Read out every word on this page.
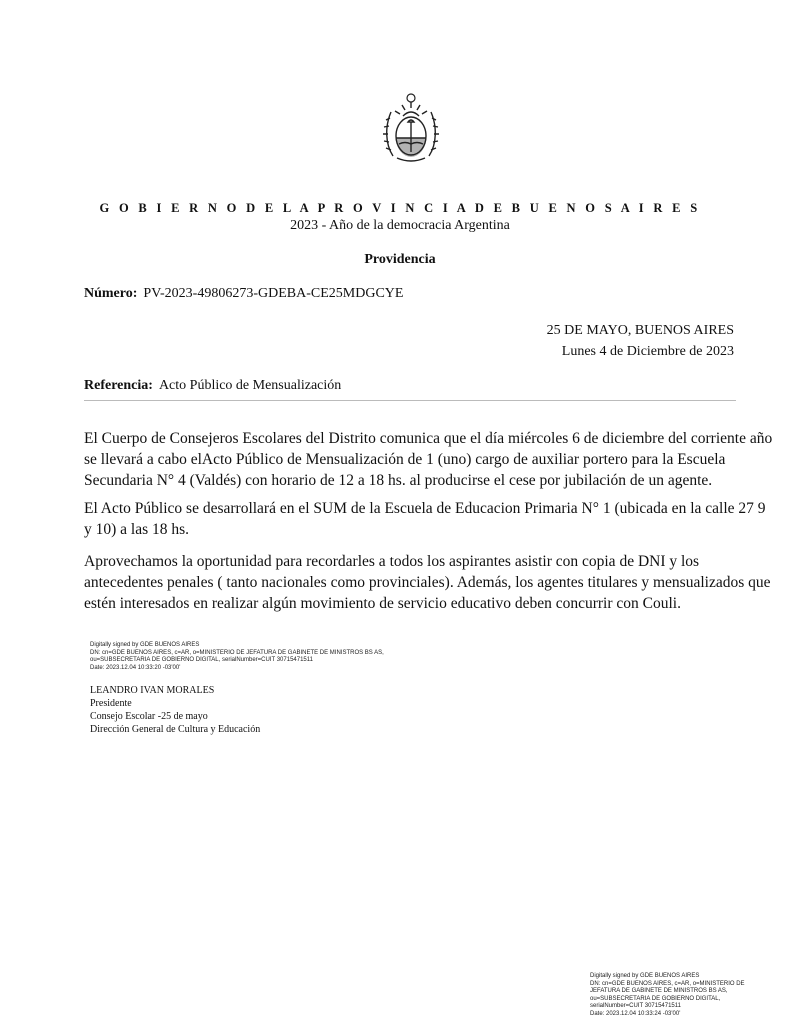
G O B I E R N O D E L A P R O V I N C I A D E B U E N O S A I R E S
2023 - Año de la democracia Argentina
Providencia
Número: PV-2023-49806273-GDEBA-CE25MDGCYE
25 DE MAYO, BUENOS AIRES
Lunes 4 de Diciembre de 2023
Referencia: Acto Público de Mensualización

El Cuerpo de Consejeros Escolares del Distrito comunica que el día miércoles 6 de diciembre del corriente año se llevará a cabo elActo Público de Mensualización de 1 (uno) cargo de auxiliar portero para la Escuela Secundaria N° 4 (Valdés) con horario de 12 a 18 hs. al producirse el cese por jubilación de un agente.

El Acto Público se desarrollará en el SUM de la Escuela de Educacion Primaria N° 1 (ubicada en la calle 27 9 y 10) a las 18 hs.

Aprovechamos la oportunidad para recordarles a todos los aspirantes asistir con copia de DNI y los antecedentes penales ( tanto nacionales como provinciales). Además, los agentes titulares y mensualizados que estén interesados en realizar algún movimiento de servicio educativo deben concurrir con Couli.

Digitally signed by GDE BUENOS AIRES
DN: cn=GDE BUENOS AIRES, c=AR, o=MINISTERIO DE JEFATURA DE GABINETE DE MINISTROS BS AS,
ou=SUBSECRETARIA DE GOBIERNO DIGITAL, serialNumber=CUIT 30715471511
Date: 2023.12.04 10:33:20 -03'00'
LEANDRO IVAN MORALES
Presidente
Consejo Escolar -25 de mayo
Dirección General de Cultura y Educación
Digitally signed by GDE BUENOS AIRES
DN: cn=GDE BUENOS AIRES, c=AR, o=MINISTERIO DE
JEFATURA DE GABINETE DE MINISTROS BS AS,
ou=SUBSECRETARIA DE GOBIERNO DIGITAL,
serialNumber=CUIT 30715471511
Date: 2023.12.04 10:33:24 -03'00'
